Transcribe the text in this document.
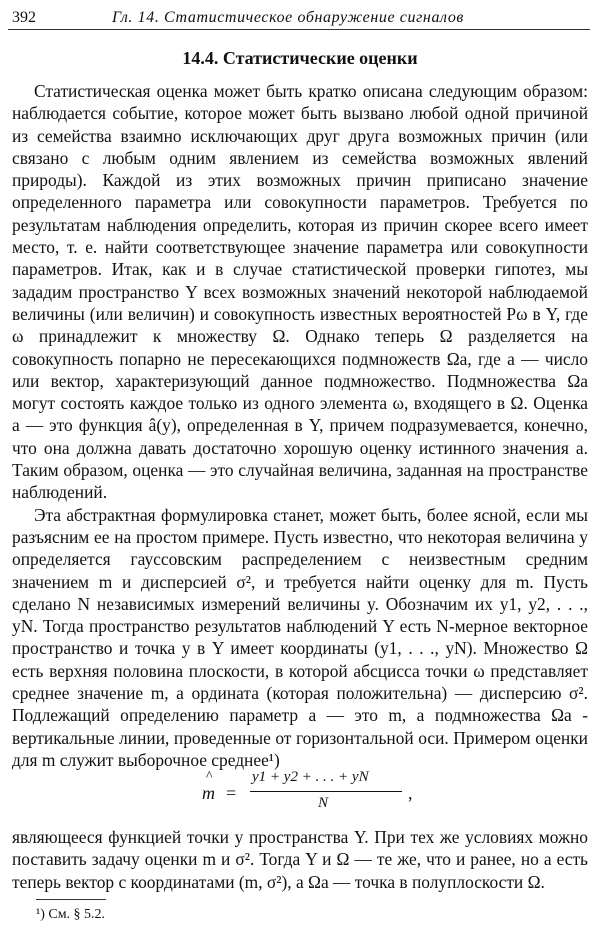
392	Гл. 14. Статистическое обнаружение сигналов
14.4. Статистические оценки

Статистическая оценка может быть кратко описана следующим образом: наблюдается событие, которое может быть вызвано любой одной причиной из семейства взаимно исключающих друг друга возможных причин (или связано с любым одним явлением из семейства возможных явлений природы). Каждой из этих возможных причин приписано значение определенного параметра или совокупности параметров. Требуется по результатам наблюдения определить, которая из причин скорее всего имеет место, т. е. найти соответствующее значение параметра или совокупности параметров. Итак, как и в случае статистической проверки гипотез, мы зададим пространство Y всех возможных значений некоторой наблюдаемой величины (или величин) и совокупность известных вероятностей Pω в Y, где ω принадлежит к множеству Ω. Однако теперь Ω разделяется на совокупность попарно не пересекающихся подмножеств Ωa, где a — число или вектор, характеризующий данное подмножество. Подмножества Ωa могут состоять каждое только из одного элемента ω, входящего в Ω. Оценка a — это функция â(y), определенная в Y, причем подразумевается, конечно, что она должна давать достаточно хорошую оценку истинного значения a. Таким образом, оценка — это случайная величина, заданная на пространстве наблюдений.

Эта абстрактная формулировка станет, может быть, более ясной, если мы разъясним ее на простом примере. Пусть известно, что некоторая величина y определяется гауссовским распределением с неизвестным средним значением m и дисперсией σ², и требуется найти оценку для m. Пусть сделано N независимых измерений величины y. Обозначим их y1, y2, . . ., yN. Тогда пространство результатов наблюдений Y есть N-мерное векторное пространство и точка y в Y имеет координаты (y1, . . ., yN). Множество Ω есть верхняя половина плоскости, в которой абсцисса точки ω представляет среднее значение m, а ордината (которая положительна) — дисперсию σ². Подлежащий определению параметр a — это m, а подмножества Ωa - вертикальные линии, проведенные от горизонтальной оси. Примером оценки для m служит выборочное среднее¹)

m
^
=
y1 + y2 + . . . + yN
N	,
являющееся функцией точки y пространства Y. При тех же условиях можно поставить задачу оценки m и σ². Тогда Y и Ω — те же, что и ранее, но a есть теперь вектор с координатами (m, σ²), а Ωa — точка в полуплоскости Ω.
¹) См. § 5.2.
